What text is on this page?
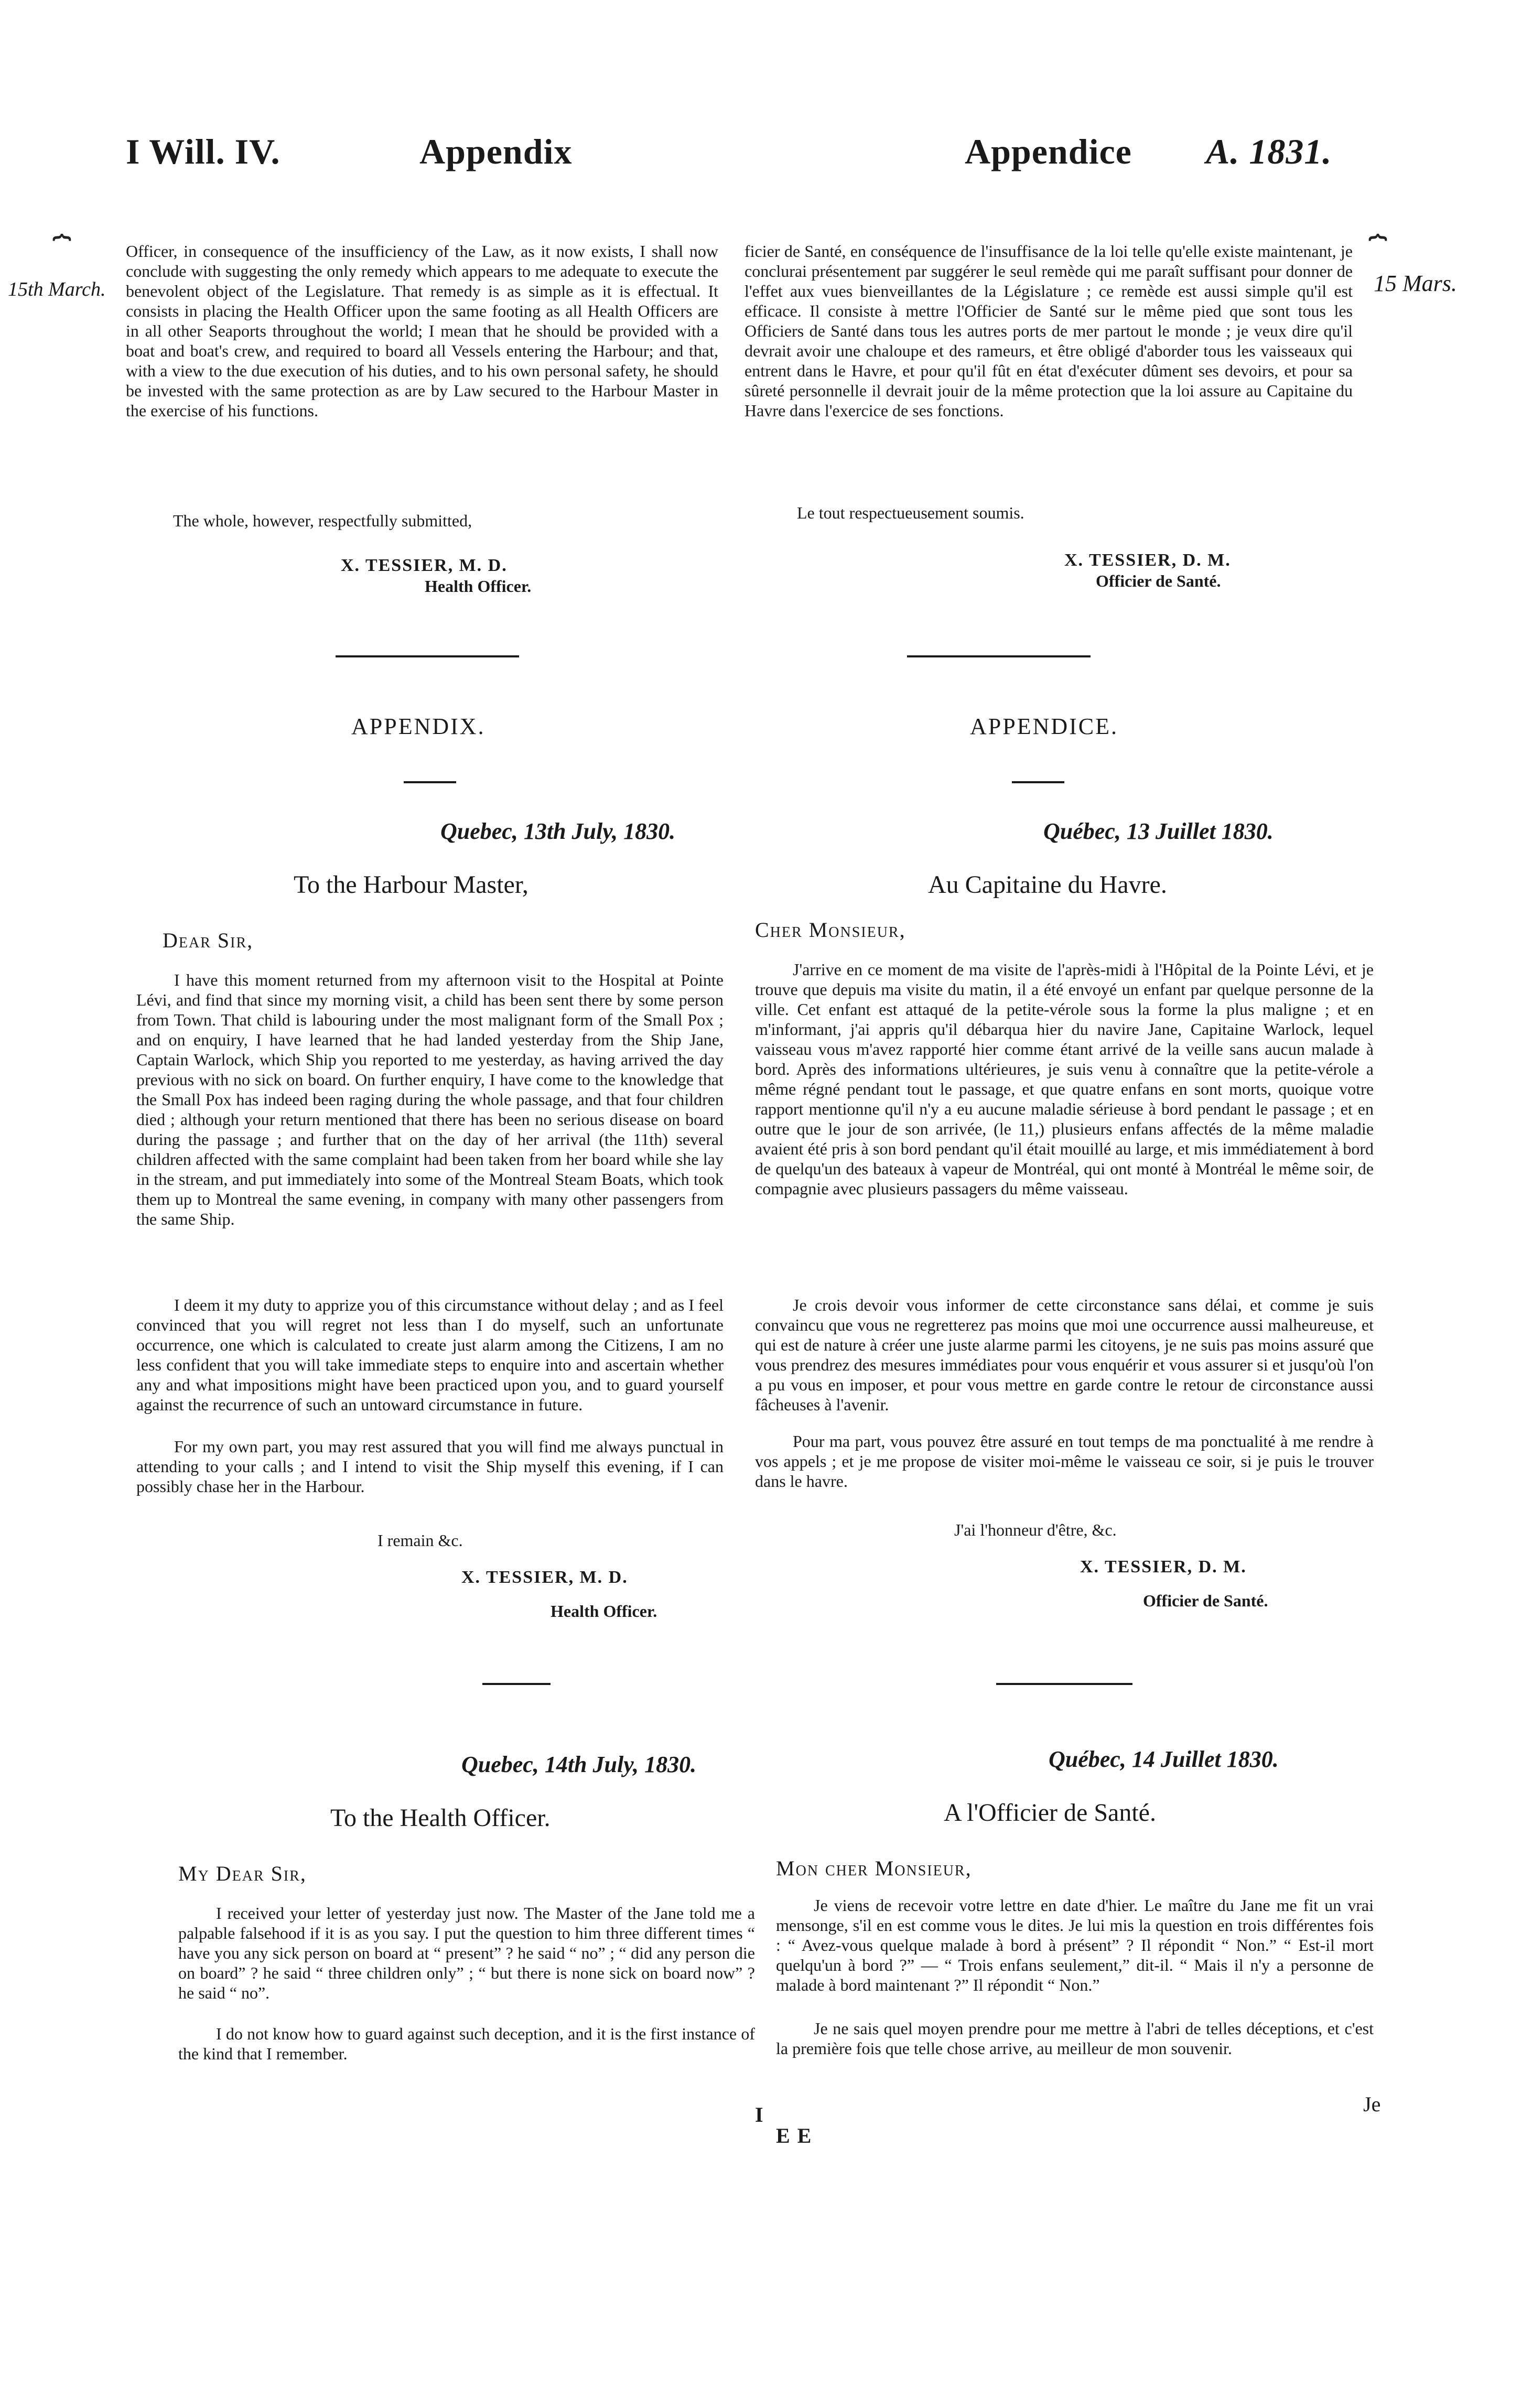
I Will. IV.	Appendix	Appendice A. 1831.
⏞
15th March.
⏞
15 Mars.

Officer, in consequence of the insufficiency of the Law, as it now exists, I shall now conclude with suggesting the only remedy which appears to me adequate to execute the benevolent object of the Legislature. That remedy is as simple as it is effectual. It consists in placing the Health Officer upon the same footing as all Health Officers are in all other Seaports throughout the world; I mean that he should be provided with a boat and boat's crew, and required to board all Vessels entering the Harbour; and that, with a view to the due execution of his duties, and to his own personal safety, he should be invested with the same protection as are by Law secured to the Harbour Master in the exercise of his functions.

ficier de Santé, en conséquence de l'insuffisance de la loi telle qu'elle existe maintenant, je conclurai présentement par suggérer le seul remède qui me paraît suffisant pour donner de l'effet aux vues bienveillantes de la Législature ; ce remède est aussi simple qu'il est efficace. Il consiste à mettre l'Officier de Santé sur le même pied que sont tous les Officiers de Santé dans tous les autres ports de mer partout le monde ; je veux dire qu'il devrait avoir une chaloupe et des rameurs, et être obligé d'aborder tous les vaisseaux qui entrent dans le Havre, et pour qu'il fût en état d'exécuter dûment ses devoirs, et pour sa sûreté personnelle il devrait jouir de la même protection que la loi assure au Capitaine du Havre dans l'exercice de ses fonctions.

The whole, however, respectfully submitted,	Le tout respectueusement soumis.
X. TESSIER, M. D.
Health Officer.
X. TESSIER, D. M.
Officier de Santé.
APPENDIX.	APPENDICE.
Quebec, 13th July, 1830.
To the Harbour Master,
Dear Sir,

I have this moment returned from my afternoon visit to the Hospital at Pointe Lévi, and find that since my morning visit, a child has been sent there by some person from Town. That child is labouring under the most malignant form of the Small Pox ; and on enquiry, I have learned that he had landed yesterday from the Ship Jane, Captain Warlock, which Ship you reported to me yesterday, as having arrived the day previous with no sick on board. On further enquiry, I have come to the knowledge that the Small Pox has indeed been raging during the whole passage, and that four children died ; although your return mentioned that there has been no serious disease on board during the passage ; and further that on the day of her arrival (the 11th) several children affected with the same complaint had been taken from her board while she lay in the stream, and put immediately into some of the Montreal Steam Boats, which took them up to Montreal the same evening, in company with many other passengers from the same Ship.

I deem it my duty to apprize you of this circumstance without delay ; and as I feel convinced that you will regret not less than I do myself, such an unfortunate occurrence, one which is calculated to create just alarm among the Citizens, I am no less confident that you will take immediate steps to enquire into and ascertain whether any and what impositions might have been practiced upon you, and to guard yourself against the recurrence of such an untoward circumstance in future.

For my own part, you may rest assured that you will find me always punctual in attending to your calls ; and I intend to visit the Ship myself this evening, if I can possibly chase her in the Harbour.

I remain &c.
X. TESSIER, M. D.
Health Officer.
Québec, 13 Juillet 1830.
Au Capitaine du Havre.
Cher Monsieur,

J'arrive en ce moment de ma visite de l'après-midi à l'Hôpital de la Pointe Lévi, et je trouve que depuis ma visite du matin, il a été envoyé un enfant par quelque personne de la ville. Cet enfant est attaqué de la petite-vérole sous la forme la plus maligne ; et en m'informant, j'ai appris qu'il débarqua hier du navire Jane, Capitaine Warlock, lequel vaisseau vous m'avez rapporté hier comme étant arrivé de la veille sans aucun malade à bord. Après des informations ultérieures, je suis venu à connaître que la petite-vérole a même régné pendant tout le passage, et que quatre enfans en sont morts, quoique votre rapport mentionne qu'il n'y a eu aucune maladie sérieuse à bord pendant le passage ; et en outre que le jour de son arrivée, (le 11,) plusieurs enfans affectés de la même maladie avaient été pris à son bord pendant qu'il était mouillé au large, et mis immédiatement à bord de quelqu'un des bateaux à vapeur de Montréal, qui ont monté à Montréal le même soir, de compagnie avec plusieurs passagers du même vaisseau.

Je crois devoir vous informer de cette circonstance sans délai, et comme je suis convaincu que vous ne regretterez pas moins que moi une occurrence aussi malheureuse, et qui est de nature à créer une juste alarme parmi les citoyens, je ne suis pas moins assuré que vous prendrez des mesures immédiates pour vous enquérir et vous assurer si et jusqu'où l'on a pu vous en imposer, et pour vous mettre en garde contre le retour de circonstance aussi fâcheuses à l'avenir.

Pour ma part, vous pouvez être assuré en tout temps de ma ponctualité à me rendre à vos appels ; et je me propose de visiter moi-même le vaisseau ce soir, si je puis le trouver dans le havre.

J'ai l'honneur d'être, &c.
X. TESSIER, D. M.
Officier de Santé.
Quebec, 14th July, 1830.
To the Health Officer.
My Dear Sir,

I received your letter of yesterday just now. The Master of the Jane told me a palpable falsehood if it is as you say. I put the question to him three different times “ have you any sick person on board at “ present” ? he said “ no” ; “ did any person die on board” ? he said “ three children only” ; “ but there is none sick on board now” ? he said “ no”.

I do not know how to guard against such deception, and it is the first instance of the kind that I remember.

Québec, 14 Juillet 1830.
A l'Officier de Santé.
Mon cher Monsieur,

Je viens de recevoir votre lettre en date d'hier. Le maître du Jane me fit un vrai mensonge, s'il en est comme vous le dites. Je lui mis la question en trois différentes fois : “ Avez-vous quelque malade à bord à présent” ? Il répondit “ Non.” “ Est-il mort quelqu'un à bord ?” — “ Trois enfans seulement,” dit-il. “ Mais il n'y a personne de malade à bord maintenant ?” Il répondit “ Non.”

Je ne sais quel moyen prendre pour me mettre à l'abri de telles déceptions, et c'est la première fois que telle chose arrive, au meilleur de mon souvenir.

I
E E
Je
